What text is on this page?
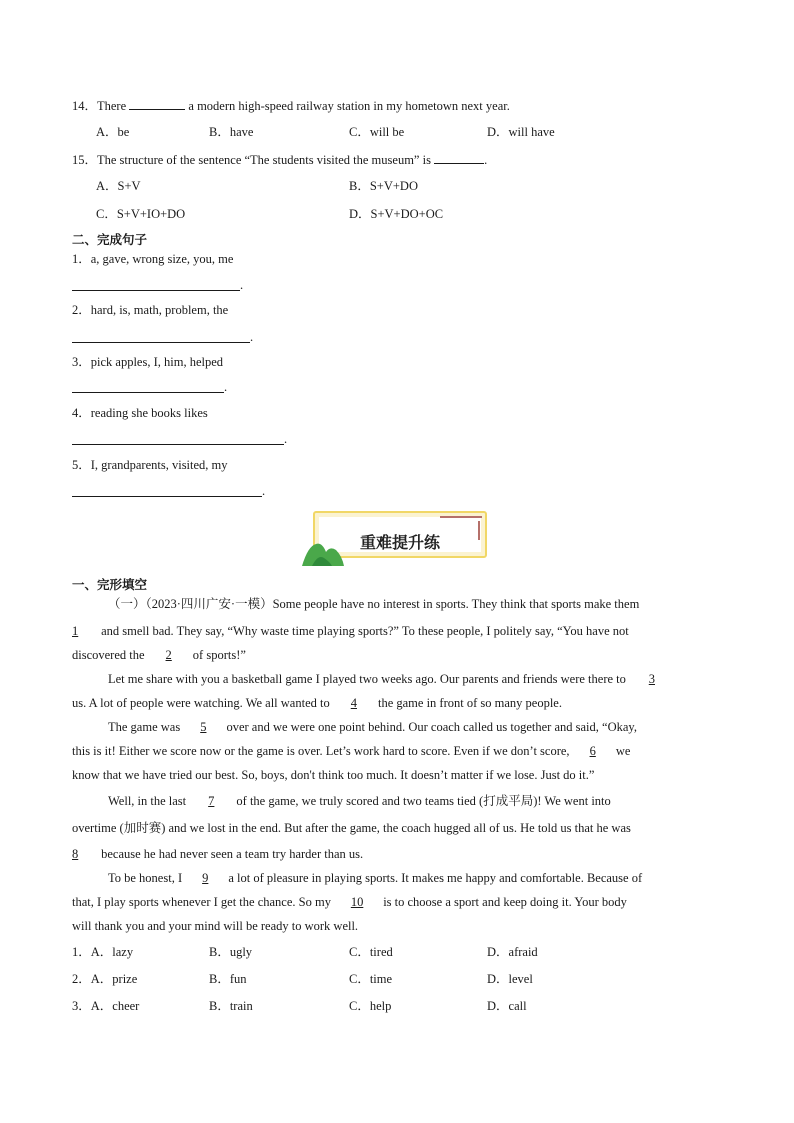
14．There	a modern high-speed railway station in my hometown next year.
A．be	B．have	C．will be	D．will have
15．The structure of the sentence “The students visited the museum” is	.
A．S+V	B．S+V+DO
C．S+V+IO+DO	D．S+V+DO+OC
二、完成句子
1．a, gave, wrong size, you, me
.
2．hard, is, math, problem, the
.
3．pick apples, I, him, helped
.
4．reading she books likes
.
5．I, grandparents, visited, my
.
重难提升练
一、完形填空
（一）（2023·四川广安·一模）Some people have no interest in sports. They think that sports make them
1 and smell bad. They say, “Why waste time playing sports?” To these people, I politely say, “You have not
discovered the 2 of sports!”
Let me share with you a basketball game I played two weeks ago. Our parents and friends were there to 3
us. A lot of people were watching. We all wanted to 4 the game in front of so many people.
The game was 5 over and we were one point behind. Our coach called us together and said, “Okay,
this is it! Either we score now or the game is over. Let’s work hard to score. Even if we don’t score, 6 we
know that we have tried our best. So, boys, don't think too much. It doesn’t matter if we lose. Just do it.”
Well, in the last 7 of the game, we truly scored and two teams tied (打成平局)! We went into
overtime (加时赛) and we lost in the end. But after the game, the coach hugged all of us. He told us that he was
8 because he had never seen a team try harder than us.
To be honest, I 9 a lot of pleasure in playing sports. It makes me happy and comfortable. Because of
that, I play sports whenever I get the chance. So my 10 is to choose a sport and keep doing it. Your body
will thank you and your mind will be ready to work well.
1．A．lazy	B．ugly	C．tired	D．afraid
2．A．prize	B．fun	C．time	D．level
3．A．cheer	B．train	C．help	D．call
